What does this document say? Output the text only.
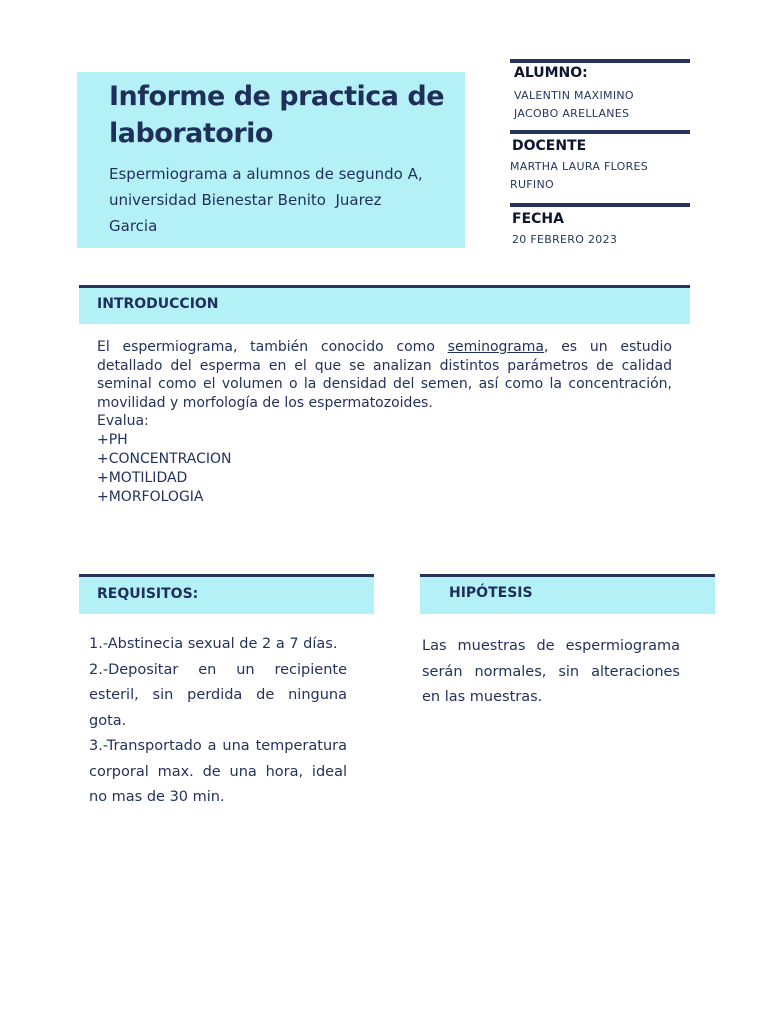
Informe de practica de
laboratorio

Espermiograma a alumnos de segundo A,
universidad Bienestar Benito  Juarez
Garcia

ALUMNO:
VALENTIN MAXIMINO
JACOBO ARELLANES
DOCENTE
MARTHA LAURA FLORES
RUFINO
FECHA
20 FEBRERO 2023
INTRODUCCION
El espermiograma, también conocido como seminograma, es un estudio detallado del esperma en el que se analizan distintos parámetros de calidad seminal como el volumen o la densidad del semen, así como la concentración, movilidad y morfología de los espermatozoides.
Evalua:
+PH
+CONCENTRACION
+MOTILIDAD
+MORFOLOGIA
REQUISITOS:
1.-Abstinecia sexual de 2 a 7 días.
2.-Depositar en un recipiente esteril, sin perdida de ninguna gota.
3.-Transportado a una temperatura corporal max. de una hora, ideal no mas de 30 min.
HIPÓTESIS
Las muestras de espermiograma serán normales, sin alteraciones en las muestras.
